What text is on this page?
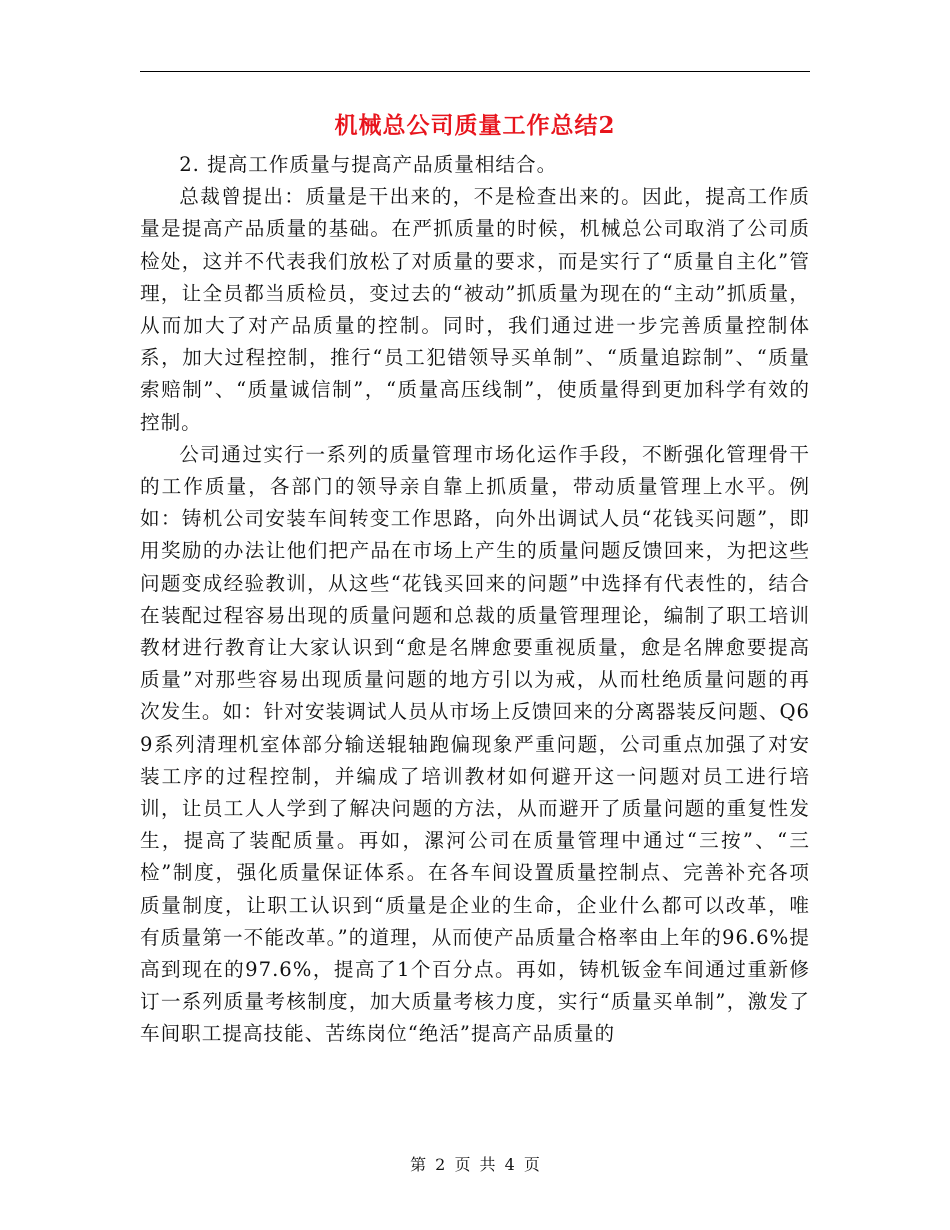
机械总公司质量工作总结2

2. 提高工作质量与提高产品质量相结合。

总裁曾提出：质量是干出来的，不是检查出来的。因此，提高工作质量是提高产品质量的基础。在严抓质量的时候，机械总公司取消了公司质检处，这并不代表我们放松了对质量的要求，而是实行了“质量自主化”管理，让全员都当质检员，变过去的“被动”抓质量为现在的“主动”抓质量，从而加大了对产品质量的控制。同时，我们通过进一步完善质量控制体系，加大过程控制，推行“员工犯错领导买单制”、“质量追踪制”、“质量索赔制”、“质量诚信制”，“质量高压线制”，使质量得到更加科学有效的控制。

公司通过实行一系列的质量管理市场化运作手段，不断强化管理骨干的工作质量，各部门的领导亲自靠上抓质量，带动质量管理上水平。例如：铸机公司安装车间转变工作思路，向外出调试人员“花钱买问题”，即用奖励的办法让他们把产品在市场上产生的质量问题反馈回来，为把这些问题变成经验教训，从这些“花钱买回来的问题”中选择有代表性的，结合在装配过程容易出现的质量问题和总裁的质量管理理论，编制了职工培训教材进行教育让大家认识到“愈是名牌愈要重视质量，愈是名牌愈要提高质量”对那些容易出现质量问题的地方引以为戒，从而杜绝质量问题的再次发生。如：针对安装调试人员从市场上反馈回来的分离器装反问题、Q69系列清理机室体部分输送辊轴跑偏现象严重问题，公司重点加强了对安装工序的过程控制，并编成了培训教材如何避开这一问题对员工进行培训，让员工人人学到了解决问题的方法，从而避开了质量问题的重复性发生，提高了装配质量。再如，漯河公司在质量管理中通过“三按”、“三检”制度，强化质量保证体系。在各车间设置质量控制点、完善补充各项质量制度，让职工认识到“质量是企业的生命，企业什么都可以改革，唯有质量第一不能改革。”的道理，从而使产品质量合格率由上年的96.6%提高到现在的97.6%，提高了1个百分点。再如，铸机钣金车间通过重新修订一系列质量考核制度，加大质量考核力度，实行“质量买单制”，激发了车间职工提高技能、苦练岗位“绝活”提高产品质量的

第 2 页 共 4 页
